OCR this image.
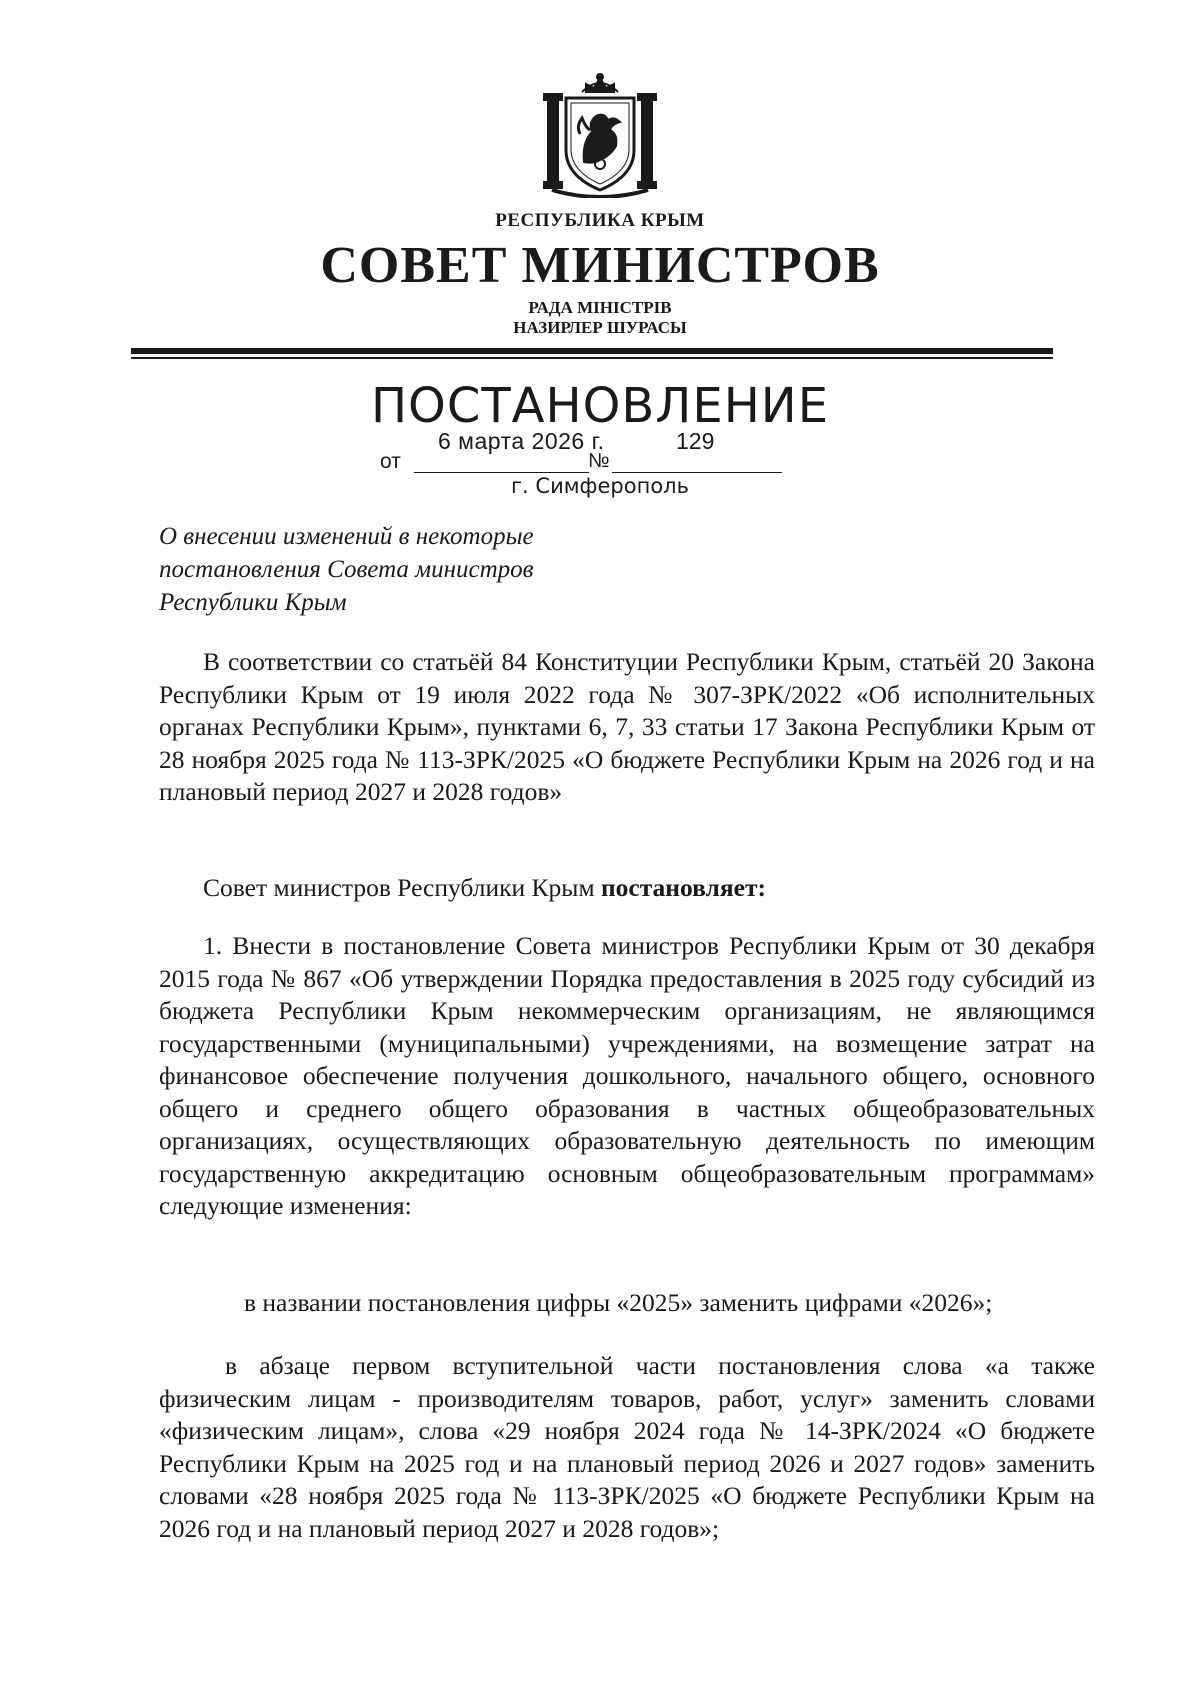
РЕСПУБЛИКА КРЫМ
СОВЕТ МИНИСТРОВ
РАДА МІНІСТРІВ
НАЗИРЛЕР ШУРАСЫ
ПОСТАНОВЛЕНИЕ
от	№
6 марта 2026 г.	129
г. Симферополь
О внесении изменений в некоторые
постановления Совета министров
Республики Крым
В соответствии со статьёй 84 Конституции Республики Крым, статьёй 20 Закона Республики Крым от 19 июля 2022 года № 307-ЗРК/2022 «Об исполнительных органах Республики Крым», пунктами 6, 7, 33 статьи 17 Закона Республики Крым от 28 ноября 2025 года № 113-ЗРК/2025 «О бюджете Республики Крым на 2026 год и на плановый период 2027 и 2028 годов»
Совет министров Республики Крым постановляет:
1. Внести в постановление Совета министров Республики Крым от 30 декабря 2015 года № 867 «Об утверждении Порядка предоставления в 2025 году субсидий из бюджета Республики Крым некоммерческим организациям, не являющимся государственными (муниципальными) учреждениями, на возмещение затрат на финансовое обеспечение получения дошкольного, начального общего, основного общего и среднего общего образования в частных общеобразовательных организациях, осуществляющих образовательную деятельность по имеющим государственную аккредитацию основным общеобразовательным программам» следующие изменения:
в названии постановления цифры «2025» заменить цифрами «2026»;
в абзаце первом вступительной части постановления слова «а также физическим лицам - производителям товаров, работ, услуг» заменить словами «физическим лицам», слова «29 ноября 2024 года № 14-ЗРК/2024 «О бюджете Республики Крым на 2025 год и на плановый период 2026 и 2027 годов» заменить словами «28 ноября 2025 года № 113-ЗРК/2025 «О бюджете Республики Крым на 2026 год и на плановый период 2027 и 2028 годов»;
